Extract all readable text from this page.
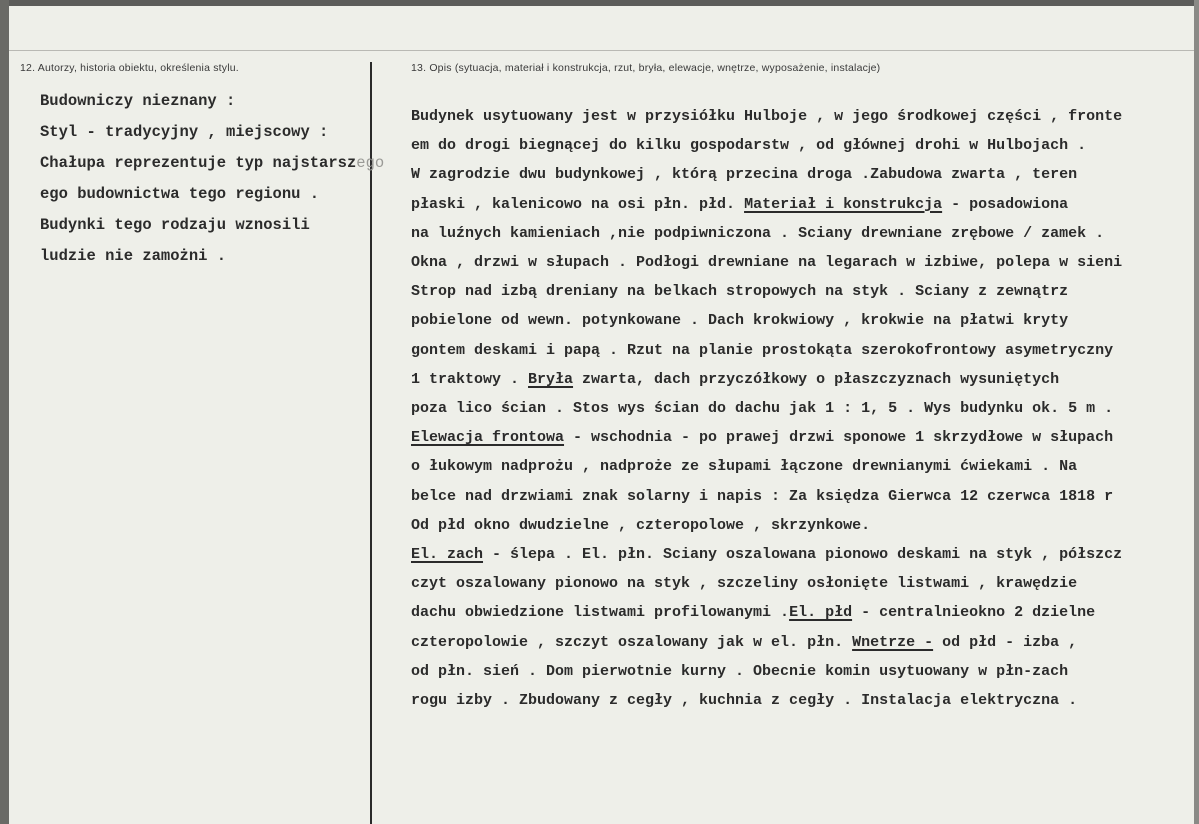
12. Autorzy, historia obiektu, określenia stylu.	13. Opis (sytuacja, materiał i konstrukcja, rzut, bryła, elewacje, wnętrze, wyposażenie, instalacje)
Budowniczy nieznany :
Styl - tradycyjny , miejscowy :
Chałupa reprezentuje typ najstarszego
ego budownictwa tego regionu .
Budynki tego rodzaju wznosili
ludzie nie zamożni .
Budynek usytuowany jest w przysiółku Hulboje , w jego środkowej części , fronte
em do drogi biegnącej do kilku gospodarstw , od głównej drohi w Hulbojach .
W zagrodzie dwu budynkowej , którą przecina droga .Zabudowa zwarta , teren
płaski , kalenicowo na osi płn. płd. Materiał i konstrukcja - posadowiona
na luźnych kamieniach ,nie podpiwniczona . Sciany drewniane zrębowe / zamek .
Okna , drzwi w słupach . Podłogi drewniane na legarach w izbiwe, polepa w sieni
Strop nad izbą dreniany na belkach stropowych na styk . Sciany z zewnątrz
pobielone od wewn. potynkowane . Dach krokwiowy , krokwie na płatwi kryty
gontem deskami i papą . Rzut na planie prostokąta szerokofrontowy asymetryczny
1 traktowy . Bryła zwarta, dach przyczółkowy o płaszczyznach wysuniętych
poza lico ścian . Stos wys ścian do dachu jak 1 : 1, 5 . Wys budynku ok. 5 m .
Elewacja frontowa - wschodnia - po prawej drzwi sponowe 1 skrzydłowe w słupach
o łukowym nadprożu , nadproże ze słupami łączone drewnianymi ćwiekami . Na
belce nad drzwiami znak solarny i napis : Za księdza Gierwca 12 czerwca 1818 r
Od płd okno dwudzielne , czteropolowe , skrzynkowe.
El. zach - ślepa . El. płn. Sciany oszalowana pionowo deskami na styk , półszcz
czyt oszalowany pionowo na styk , szczeliny osłonięte listwami , krawędzie
dachu obwiedzione listwami profilowanymi .El. płd - centralnieokno 2 dzielne
czteropolowie , szczyt oszalowany jak w el. płn. Wnetrze - od płd - izba ,
od płn. sień . Dom pierwotnie kurny . Obecnie komin usytuowany w płn-zach
rogu izby . Zbudowany z cegły , kuchnia z cegły . Instalacja elektryczna .
